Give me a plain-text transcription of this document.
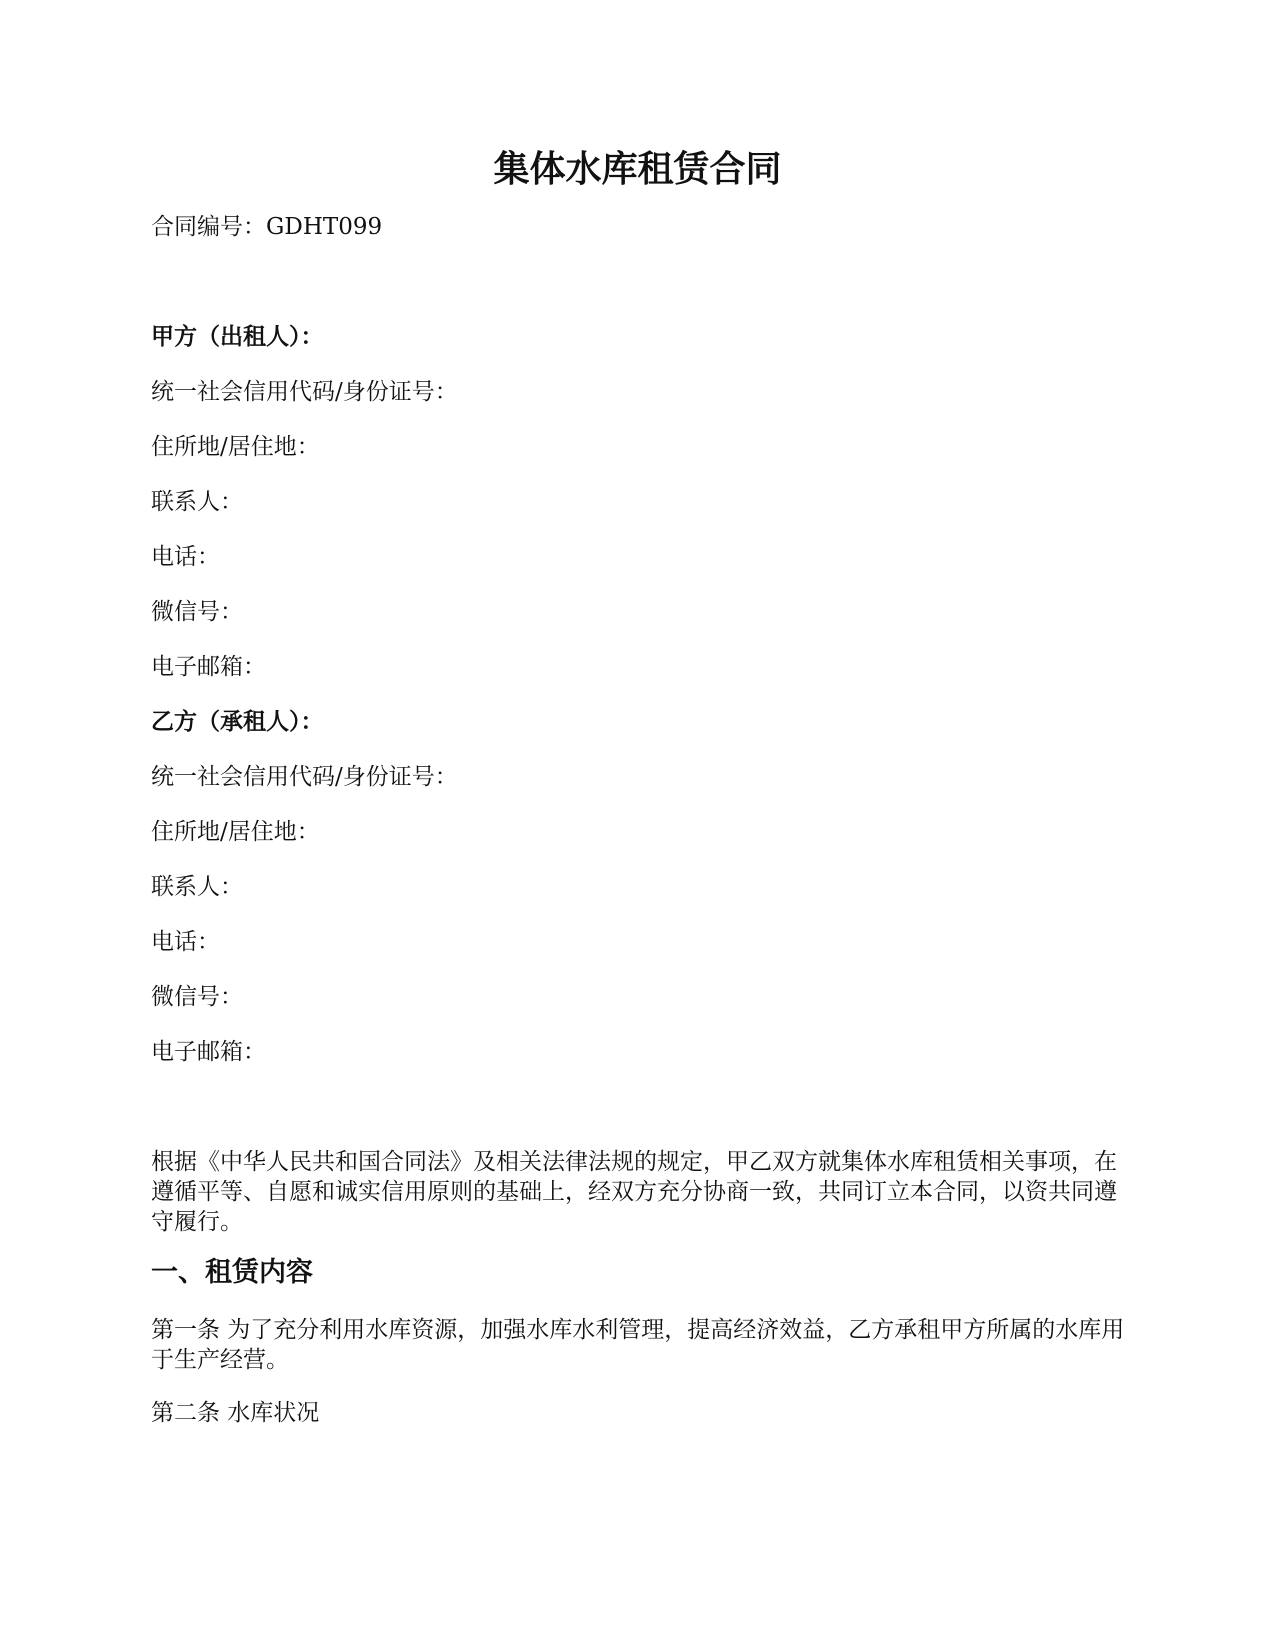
集体水库租赁合同

合同编号：GDHT099

甲方（出租人）：

统一社会信用代码/身份证号：

住所地/居住地：

联系人：

电话：

微信号：

电子邮箱：

乙方（承租人）：

统一社会信用代码/身份证号：

住所地/居住地：

联系人：

电话：

微信号：

电子邮箱：

根据《中华人民共和国合同法》及相关法律法规的规定，甲乙双方就集体水库租赁相关事项，在遵循平等、自愿和诚实信用原则的基础上，经双方充分协商一致，共同订立本合同，以资共同遵守履行。

一、租赁内容

第一条 为了充分利用水库资源，加强水库水利管理，提高经济效益，乙方承租甲方所属的水库用于生产经营。

第二条 水库状况
